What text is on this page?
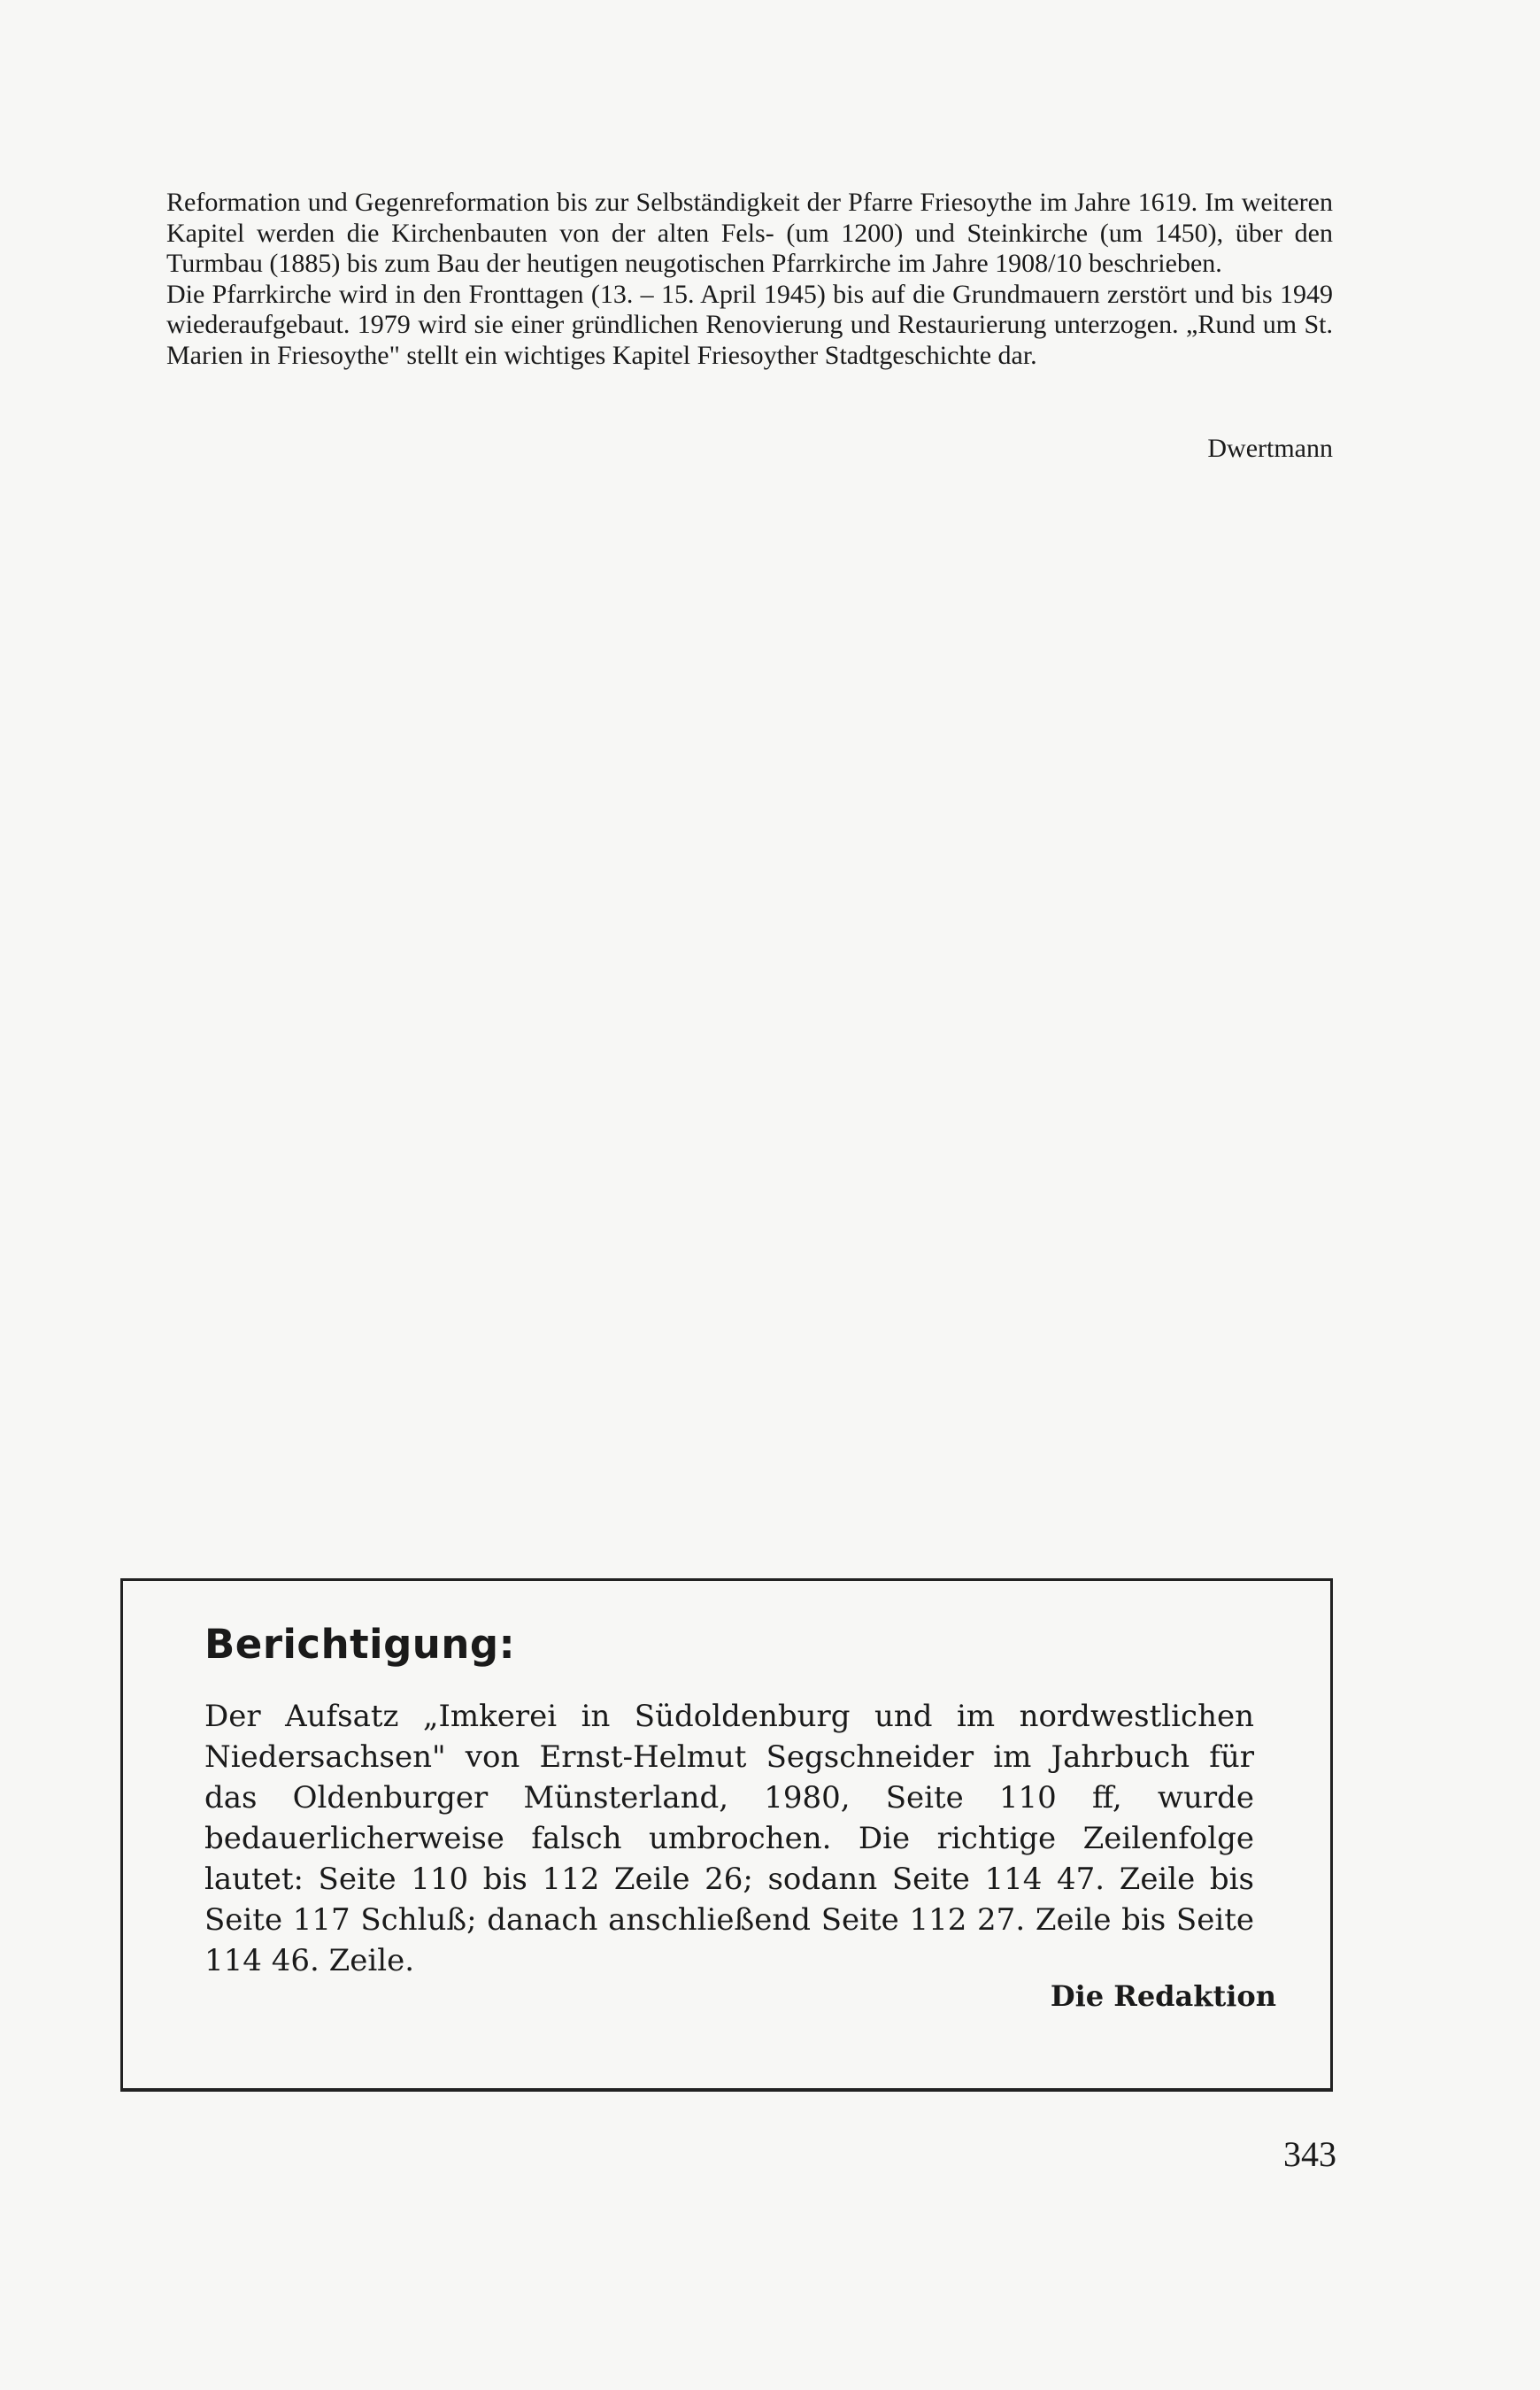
Reformation und Gegenreformation bis zur Selbständigkeit der Pfarre Friesoythe im Jahre 1619. Im weiteren Kapitel werden die Kirchenbauten von der alten Fels- (um 1200) und Steinkirche (um 1450), über den Turmbau (1885) bis zum Bau der heutigen neugotischen Pfarrkirche im Jahre 1908/10 beschrieben.

Die Pfarrkirche wird in den Fronttagen (13. – 15. April 1945) bis auf die Grundmauern zerstört und bis 1949 wiederaufgebaut. 1979 wird sie einer gründlichen Renovierung und Restaurierung unterzogen. „Rund um St. Marien in Friesoythe" stellt ein wichtiges Kapitel Friesoyther Stadtgeschichte dar.

Dwertmann
Berichtigung:

Der Aufsatz „Imkerei in Südoldenburg und im nordwestlichen Niedersachsen" von Ernst-Helmut Segschneider im Jahrbuch für das Oldenburger Münsterland, 1980, Seite 110 ff, wurde bedauerlicherweise falsch umbrochen. Die richtige Zeilenfolge lautet: Seite 110 bis 112 Zeile 26; sodann Seite 114 47. Zeile bis Seite 117 Schluß; danach anschließend Seite 112 27. Zeile bis Seite 114 46. Zeile.

Die Redaktion
343
